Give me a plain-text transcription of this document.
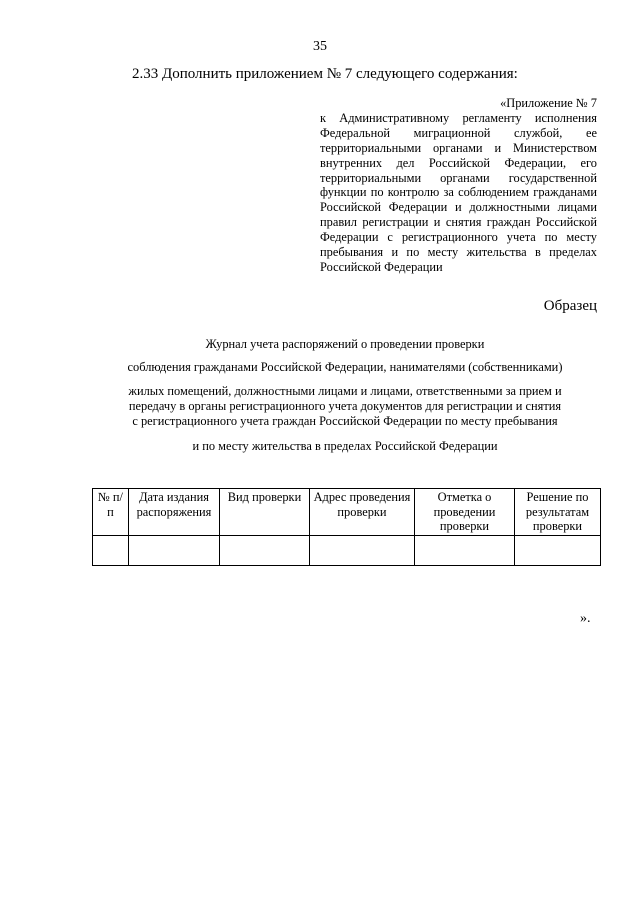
35
2.33 Дополнить приложением № 7 следующего содержания:
«Приложение № 7
к Административному регламенту исполнения Федеральной миграционной службой, ее территориальными органами и Министерством внутренних дел Российской Федерации, его территориальными органами государственной функции по контролю за соблюдением гражданами Российской Федерации и должностными лицами правил регистрации и снятия граждан Российской Федерации с регистрационного учета по месту пребывания и по месту жительства в пределах Российской Федерации
Образец
Журнал учета распоряжений о проведении проверки
соблюдения гражданами Российской Федерации, нанимателями (собственниками)
жилых помещений, должностными лицами и лицами, ответственными за прием и
передачу в органы регистрационного учета документов для регистрации и снятия
с регистрационного учета граждан Российской Федерации по месту пребывания
и по месту жительства в пределах Российской Федерации
№ п/п	Дата издания распоряжения	Вид проверки	Адрес проведения проверки	Отметка о проведении проверки	Решение по результатам проверки

».
